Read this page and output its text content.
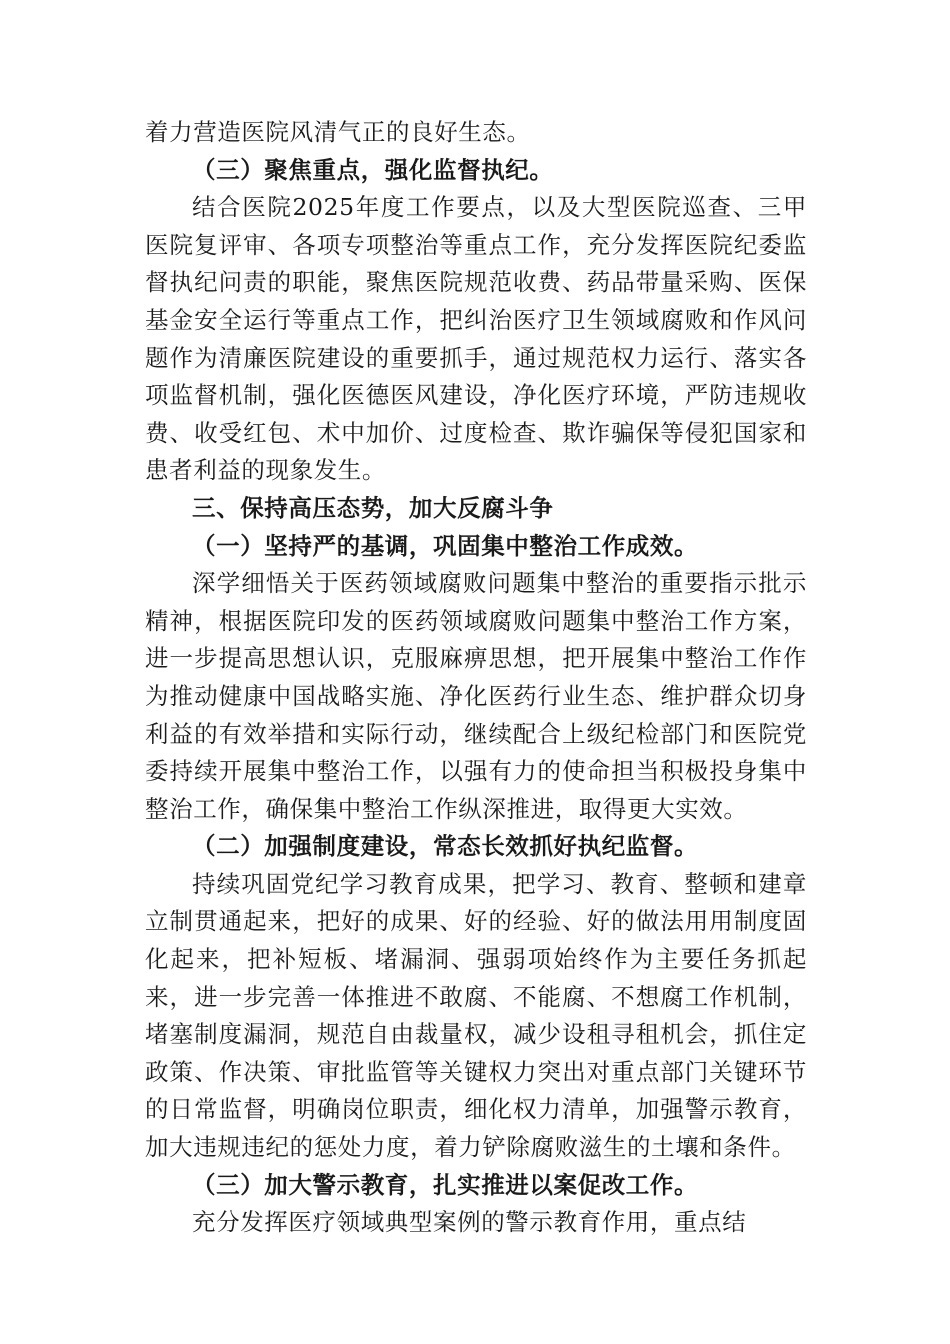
着力营造医院风清气正的良好生态。

（三）聚焦重点，强化监督执纪。

结合医院2025年度工作要点，以及大型医院巡查、三甲医院复评审、各项专项整治等重点工作，充分发挥医院纪委监督执纪问责的职能，聚焦医院规范收费、药品带量采购、医保基金安全运行等重点工作，把纠治医疗卫生领域腐败和作风问题作为清廉医院建设的重要抓手，通过规范权力运行、落实各项监督机制，强化医德医风建设，净化医疗环境，严防违规收费、收受红包、术中加价、过度检查、欺诈骗保等侵犯国家和患者利益的现象发生。

三、保持高压态势，加大反腐斗争

（一）坚持严的基调，巩固集中整治工作成效。

深学细悟关于医药领域腐败问题集中整治的重要指示批示精神，根据医院印发的医药领域腐败问题集中整治工作方案，进一步提高思想认识，克服麻痹思想，把开展集中整治工作作为推动健康中国战略实施、净化医药行业生态、维护群众切身利益的有效举措和实际行动，继续配合上级纪检部门和医院党委持续开展集中整治工作，以强有力的使命担当积极投身集中整治工作，确保集中整治工作纵深推进，取得更大实效。

（二）加强制度建设，常态长效抓好执纪监督。

持续巩固党纪学习教育成果，把学习、教育、整顿和建章立制贯通起来，把好的成果、好的经验、好的做法用用制度固化起来，把补短板、堵漏洞、强弱项始终作为主要任务抓起来，进一步完善一体推进不敢腐、不能腐、不想腐工作机制，堵塞制度漏洞，规范自由裁量权，减少设租寻租机会，抓住定政策、作决策、审批监管等关键权力突出对重点部门关键环节的日常监督，明确岗位职责，细化权力清单，加强警示教育，加大违规违纪的惩处力度，着力铲除腐败滋生的土壤和条件。

（三）加大警示教育，扎实推进以案促改工作。

充分发挥医疗领域典型案例的警示教育作用，重点结
